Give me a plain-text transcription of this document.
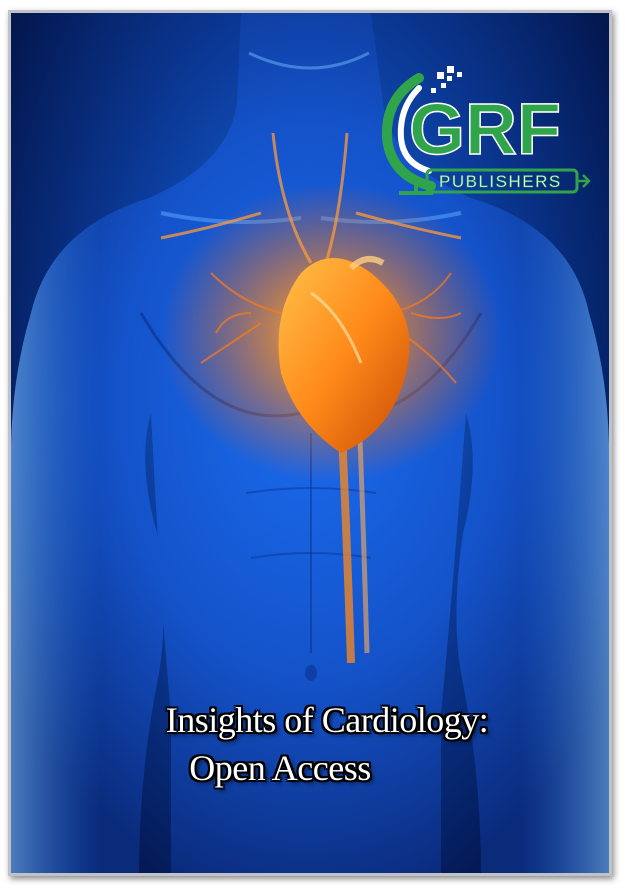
GRF
PUBLISHERS
Insights of Cardiology:
Open Access
